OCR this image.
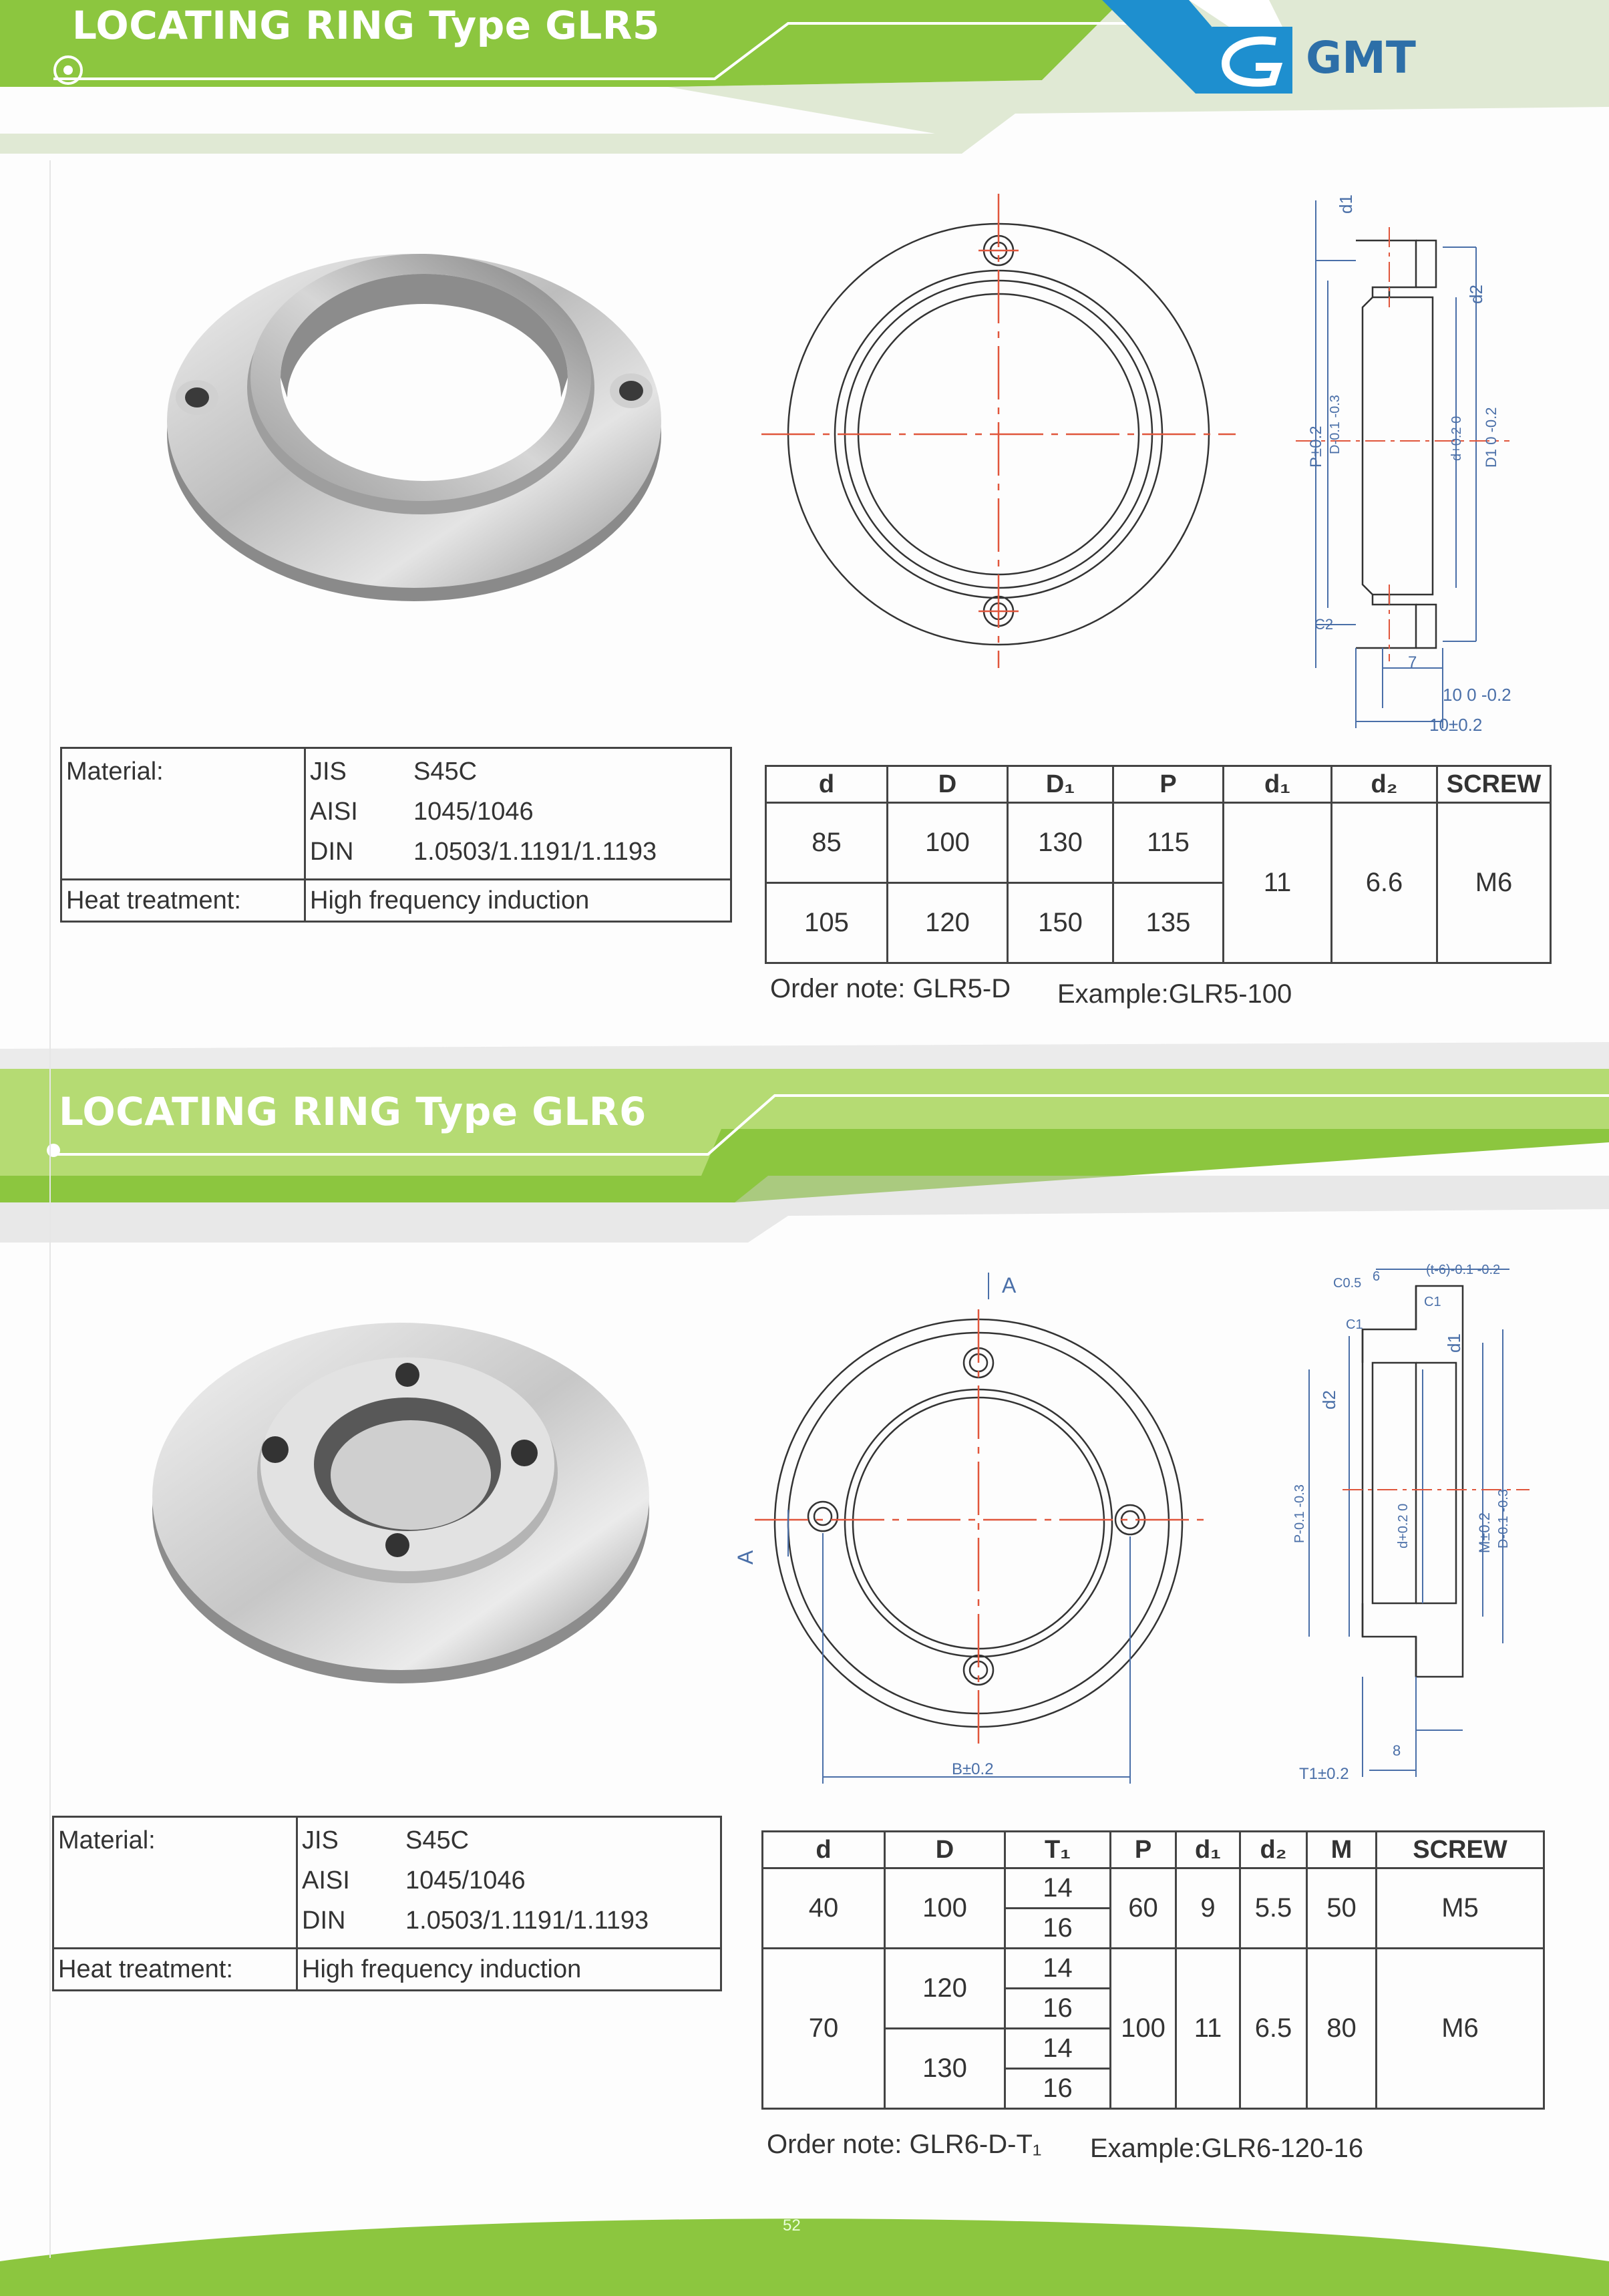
LOCATING RING Type GLR5
GMT
LOCATING RING Type GLR6
d1
d2
P±0.2 D-0.1 -0.3	d+0.2 0 D1 0 -0.2
C2
7
10 0 -0.2
10±0.2
Material:	JIS S45C
AISI 1045/1046
DIN 1.0503/1.1191/1.1193

Heat treatment:	High frequency induction
d	D	D₁	P	d₁	d₂	SCREW
85	100	130	115	11	6.6	M6
105	120	150	135			
Order note: GLR5-D Example:GLR5-100
A
A
B±0.2
C0.5 6	(t-6)-0.1 -0.2
C1
C1
d1
d2
P-0.1 -0.3	d+0.2 0	M±0.2 D-0.1 -0.3
T1±0.2
8
Material:	JIS S45C
AISI 1045/1046
DIN 1.0503/1.1191/1.1193

Heat treatment:	High frequency induction
d	D	T₁	P	d₁	d₂	M	SCREW
40	100	14	60	9	5.5	50	M5
		16					
70	120	14	100	11	6.5	80	M6
		16					
	130	14					
		16					
Order note: GLR6-D-T₁ Example:GLR6-120-16
52
